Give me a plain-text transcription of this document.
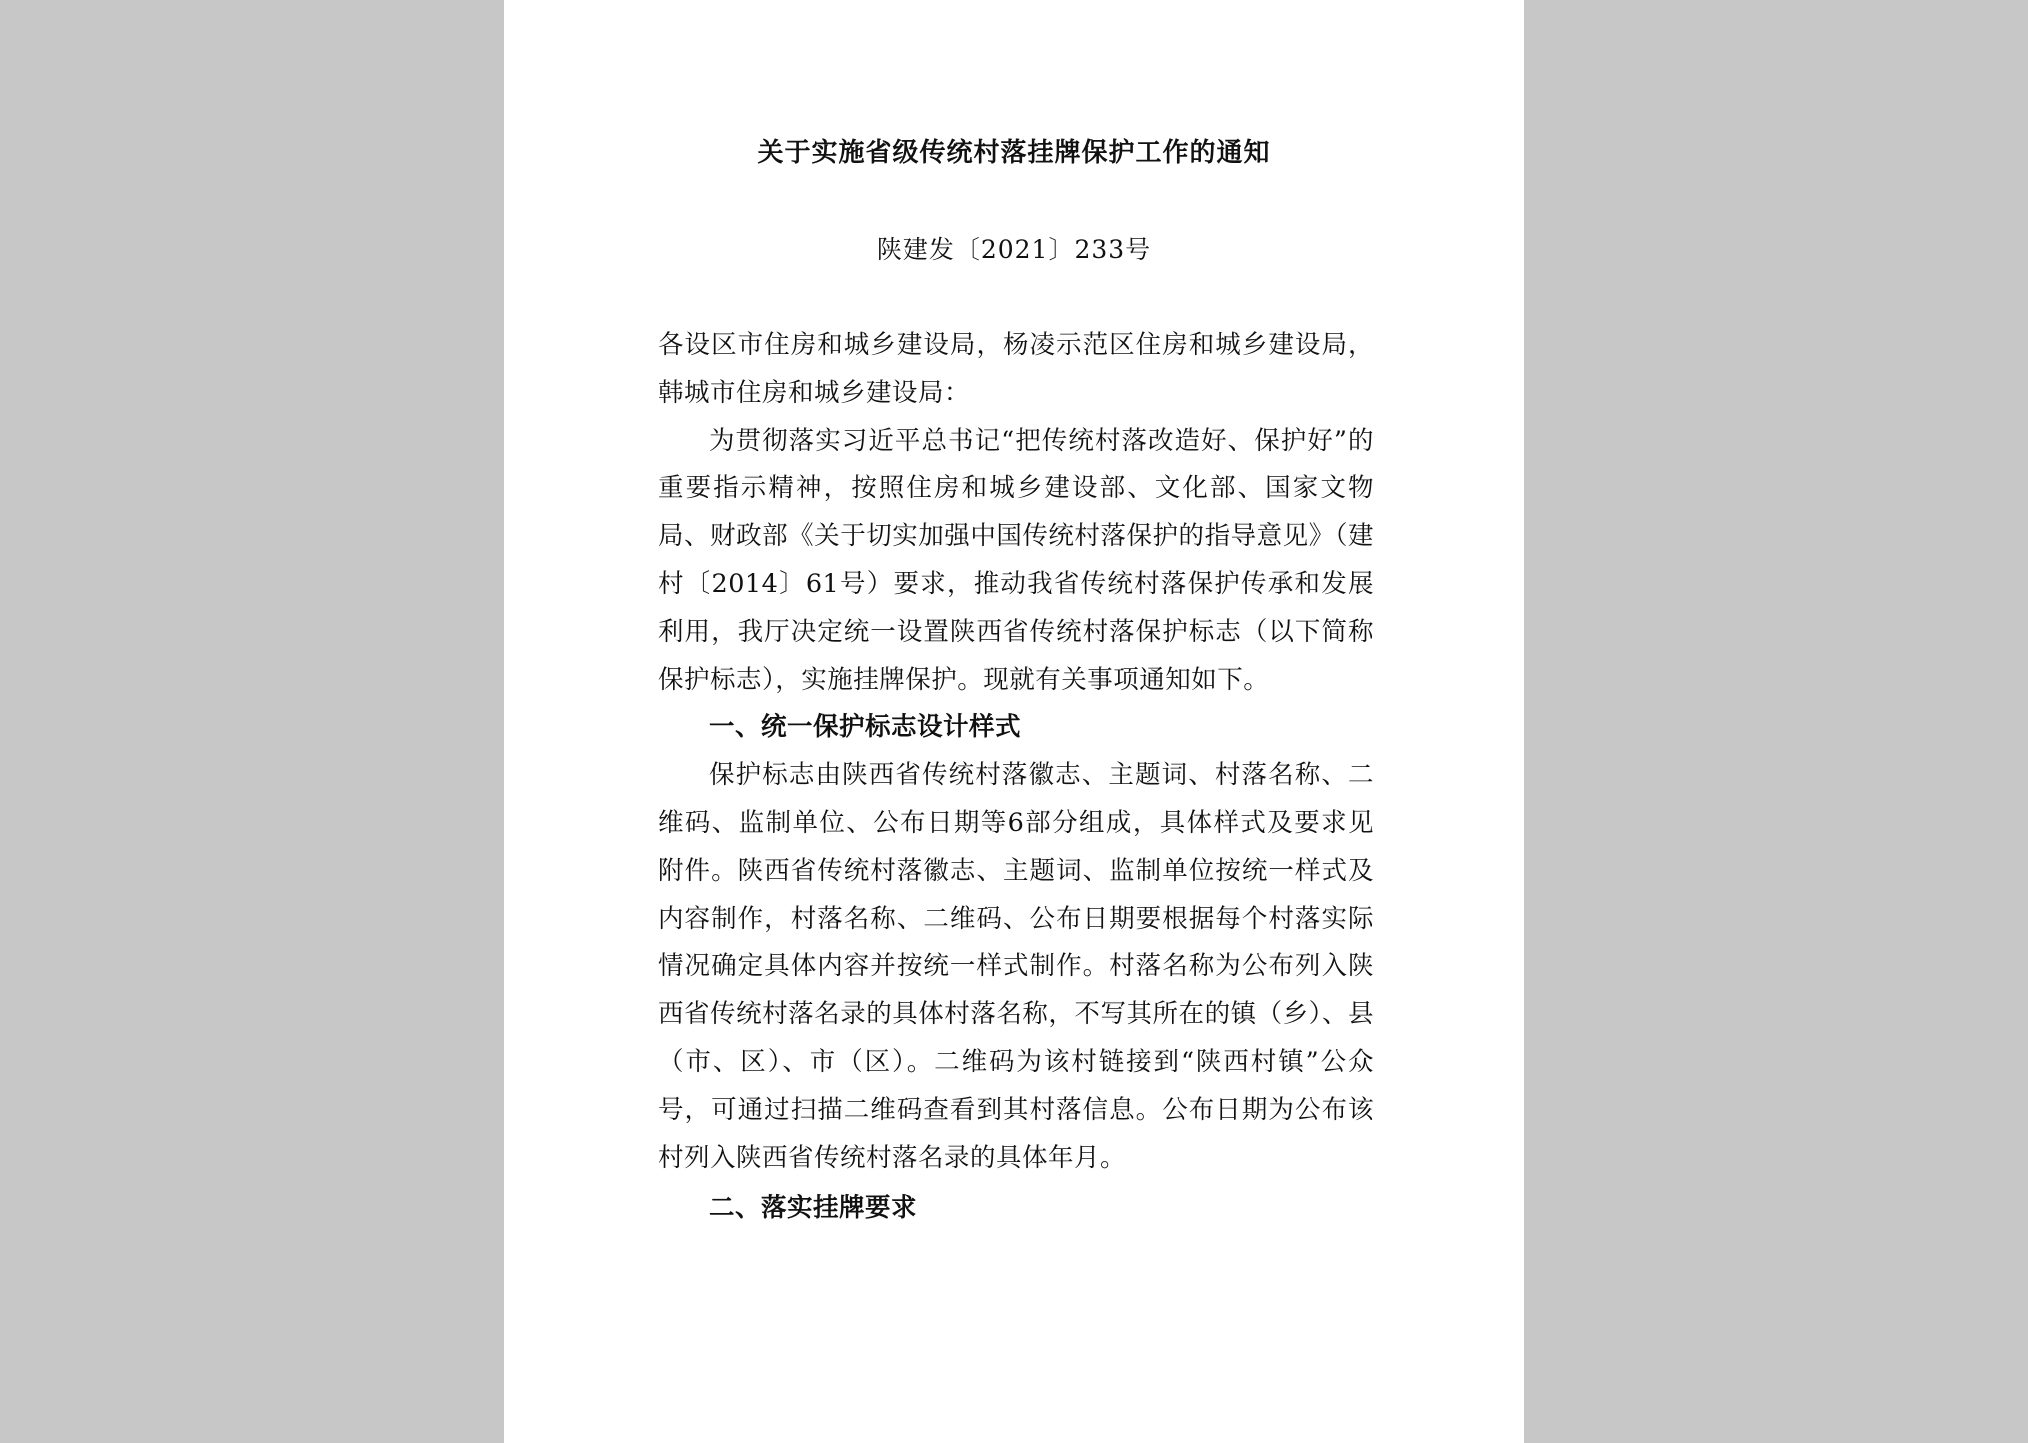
关于实施省级传统村落挂牌保护工作的通知
陕建发〔2021〕233号

各设区市住房和城乡建设局，杨凌示范区住房和城乡建设局，韩城市住房和城乡建设局：

为贯彻落实习近平总书记“把传统村落改造好、保护好”的重要指示精神，按照住房和城乡建设部、文化部、国家文物局、财政部《关于切实加强中国传统村落保护的指导意见》（建村〔2014〕61号）要求，推动我省传统村落保护传承和发展利用，我厅决定统一设置陕西省传统村落保护标志（以下简称保护标志），实施挂牌保护。现就有关事项通知如下。

一、统一保护标志设计样式

保护标志由陕西省传统村落徽志、主题词、村落名称、二维码、监制单位、公布日期等6部分组成，具体样式及要求见附件。陕西省传统村落徽志、主题词、监制单位按统一样式及内容制作，村落名称、二维码、公布日期要根据每个村落实际情况确定具体内容并按统一样式制作。村落名称为公布列入陕西省传统村落名录的具体村落名称，不写其所在的镇（乡）、县（市、区）、市（区）。二维码为该村链接到“陕西村镇”公众号，可通过扫描二维码查看到其村落信息。公布日期为公布该村列入陕西省传统村落名录的具体年月。

二、落实挂牌要求
